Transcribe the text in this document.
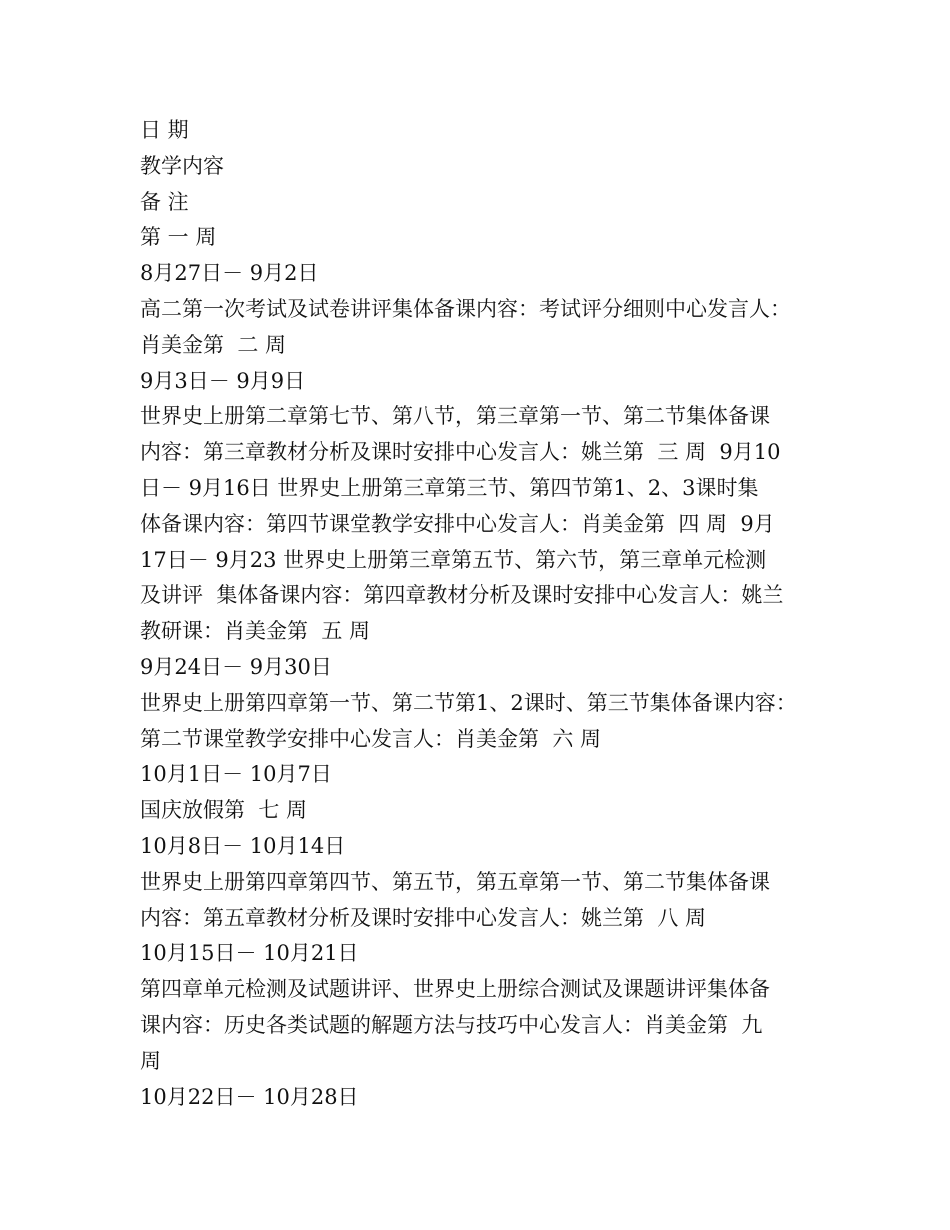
日 期
教学内容
备 注
第 一 周
8月27日－ 9月2日
高二第一次考试及试卷讲评集体备课内容：考试评分细则中心发言人：
肖美金第  二 周
9月3日－ 9月9日
世界史上册第二章第七节、第八节，第三章第一节、第二节集体备课
内容：第三章教材分析及课时安排中心发言人：姚兰第  三 周  9月10
日－ 9月16日 世界史上册第三章第三节、第四节第1、2、3课时集
体备课内容：第四节课堂教学安排中心发言人：肖美金第  四 周  9月
17日－ 9月23 世界史上册第三章第五节、第六节，第三章单元检测
及讲评  集体备课内容：第四章教材分析及课时安排中心发言人：姚兰
教研课：肖美金第  五 周
9月24日－ 9月30日
世界史上册第四章第一节、第二节第1、2课时、第三节集体备课内容：
第二节课堂教学安排中心发言人：肖美金第  六 周
10月1日－ 10月7日
国庆放假第  七 周
10月8日－ 10月14日
世界史上册第四章第四节、第五节，第五章第一节、第二节集体备课
内容：第五章教材分析及课时安排中心发言人：姚兰第  八 周
10月15日－ 10月21日
第四章单元检测及试题讲评、世界史上册综合测试及课题讲评集体备
课内容：历史各类试题的解题方法与技巧中心发言人：肖美金第  九
周
10月22日－ 10月28日
